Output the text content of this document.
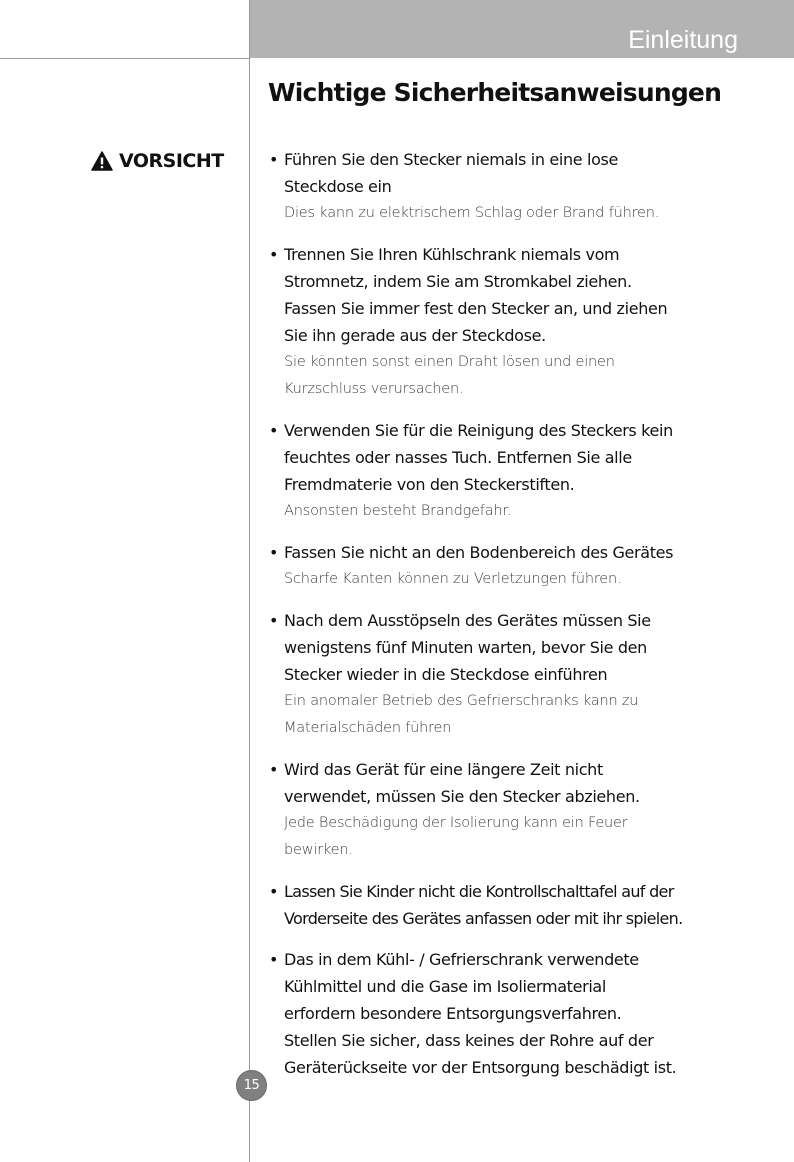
Einleitung
Wichtige Sicherheitsanweisungen
VORSICHT	• Führen Sie den Stecker niemals in eine lose
Steckdose ein
Dies kann zu elektrischem Schlag oder Brand führen.
• Trennen Sie Ihren Kühlschrank niemals vom
Stromnetz, indem Sie am Stromkabel ziehen.
Fassen Sie immer fest den Stecker an, und ziehen
Sie ihn gerade aus der Steckdose.
Sie könnten sonst einen Draht lösen und einen
Kurzschluss verursachen.
• Verwenden Sie für die Reinigung des Steckers kein
feuchtes oder nasses Tuch. Entfernen Sie alle
Fremdmaterie von den Steckerstiften.
Ansonsten besteht Brandgefahr.
• Fassen Sie nicht an den Bodenbereich des Gerätes
Scharfe Kanten können zu Verletzungen führen.
• Nach dem Ausstöpseln des Gerätes müssen Sie
wenigstens fünf Minuten warten, bevor Sie den
Stecker wieder in die Steckdose einführen
Ein anomaler Betrieb des Gefrierschranks kann zu
Materialschäden führen
• Wird das Gerät für eine längere Zeit nicht
verwendet, müssen Sie den Stecker abziehen.
Jede Beschädigung der Isolierung kann ein Feuer
bewirken.
• Lassen Sie Kinder nicht die Kontrollschalttafel auf der
Vorderseite des Gerätes anfassen oder mit ihr spielen.
• Das in dem Kühl- / Gefrierschrank verwendete
Kühlmittel und die Gase im Isoliermaterial
erfordern besondere Entsorgungsverfahren.
Stellen Sie sicher, dass keines der Rohre auf der
Geräterückseite vor der Entsorgung beschädigt ist.
15
